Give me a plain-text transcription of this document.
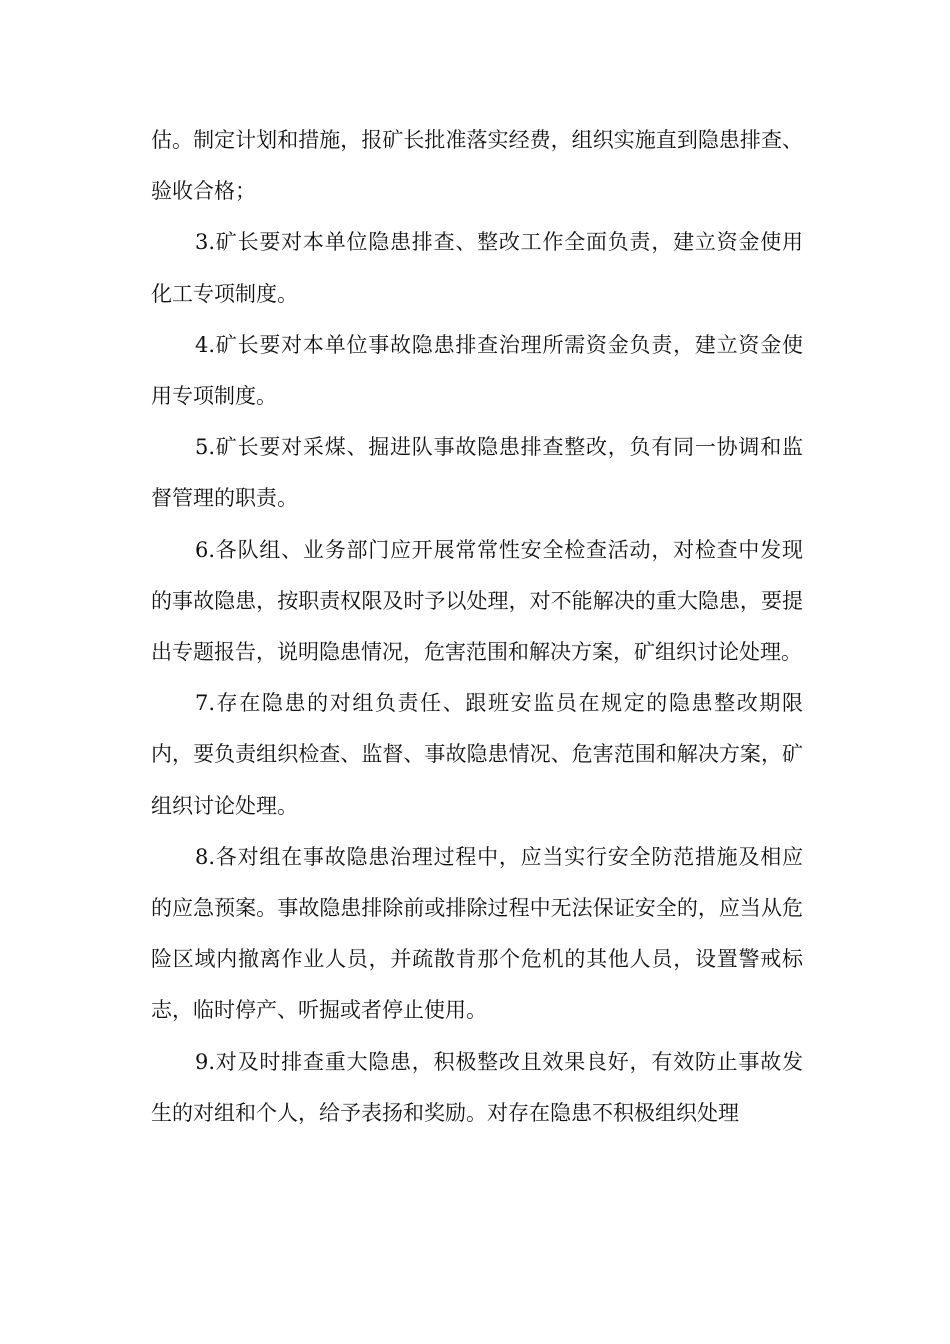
估。制定计划和措施，报矿长批准落实经费，组织实施直到隐患排查、验收合格；

3.矿长要对本单位隐患排查、整改工作全面负责，建立资金使用化工专项制度。

4.矿长要对本单位事故隐患排查治理所需资金负责，建立资金使用专项制度。

5.矿长要对采煤、掘进队事故隐患排查整改，负有同一协调和监督管理的职责。

6.各队组、业务部门应开展常常性安全检查活动，对检查中发现的事故隐患，按职责权限及时予以处理，对不能解决的重大隐患，要提出专题报告，说明隐患情况，危害范围和解决方案，矿组织讨论处理。

7.存在隐患的对组负责任、跟班安监员在规定的隐患整改期限内，要负责组织检查、监督、事故隐患情况、危害范围和解决方案，矿组织讨论处理。

8.各对组在事故隐患治理过程中，应当实行安全防范措施及相应的应急预案。事故隐患排除前或排除过程中无法保证安全的，应当从危险区域内撤离作业人员，并疏散肯那个危机的其他人员，设置警戒标志，临时停产、听掘或者停止使用。

9.对及时排查重大隐患，积极整改且效果良好，有效防止事故发生的对组和个人，给予表扬和奖励。对存在隐患不积极组织处理
